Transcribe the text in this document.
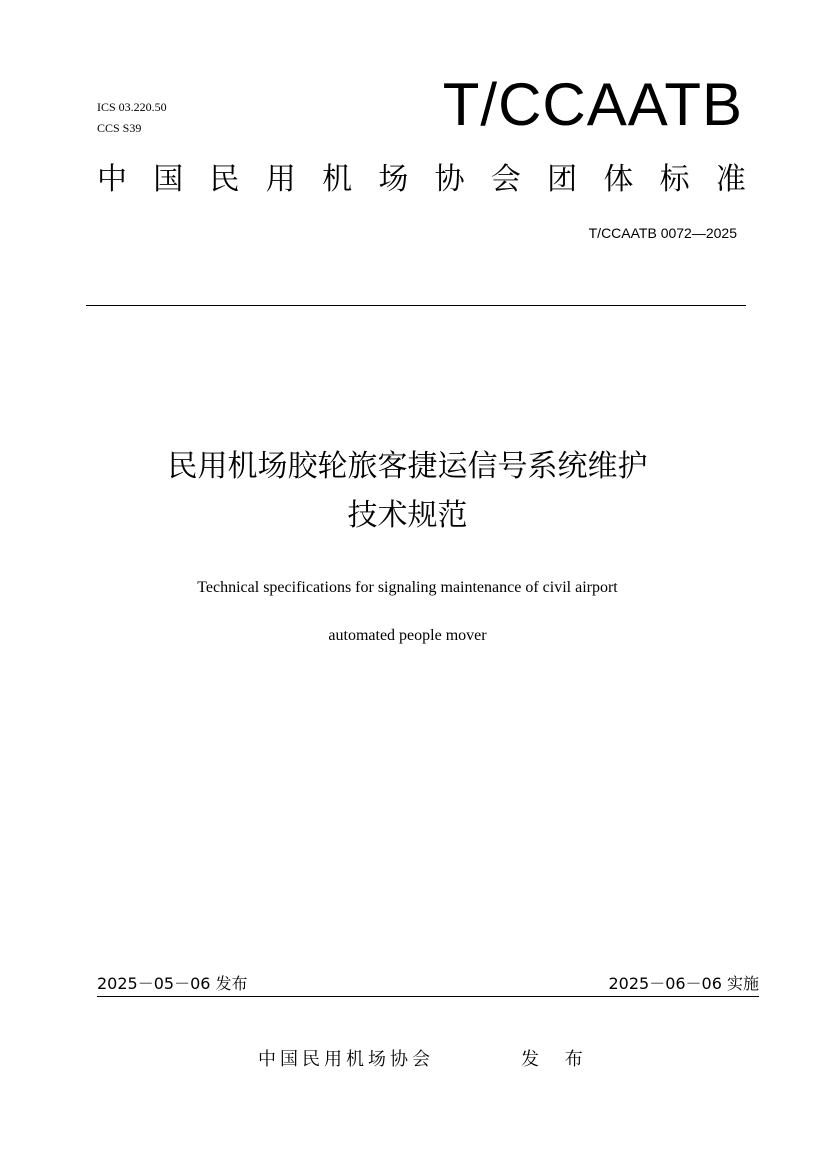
ICS 03.220.50
CCS S39	T/CCAATB
中 国 民 用 机 场 协 会 团 体 标 准
T/CCAATB 0072—2025
民用机场胶轮旅客捷运信号系统维护
技术规范
Technical specifications for signaling maintenance of civil airport
automated people mover
2025－05－06 发布	2025－06－06 实施
中国民用机场协会	发 布
